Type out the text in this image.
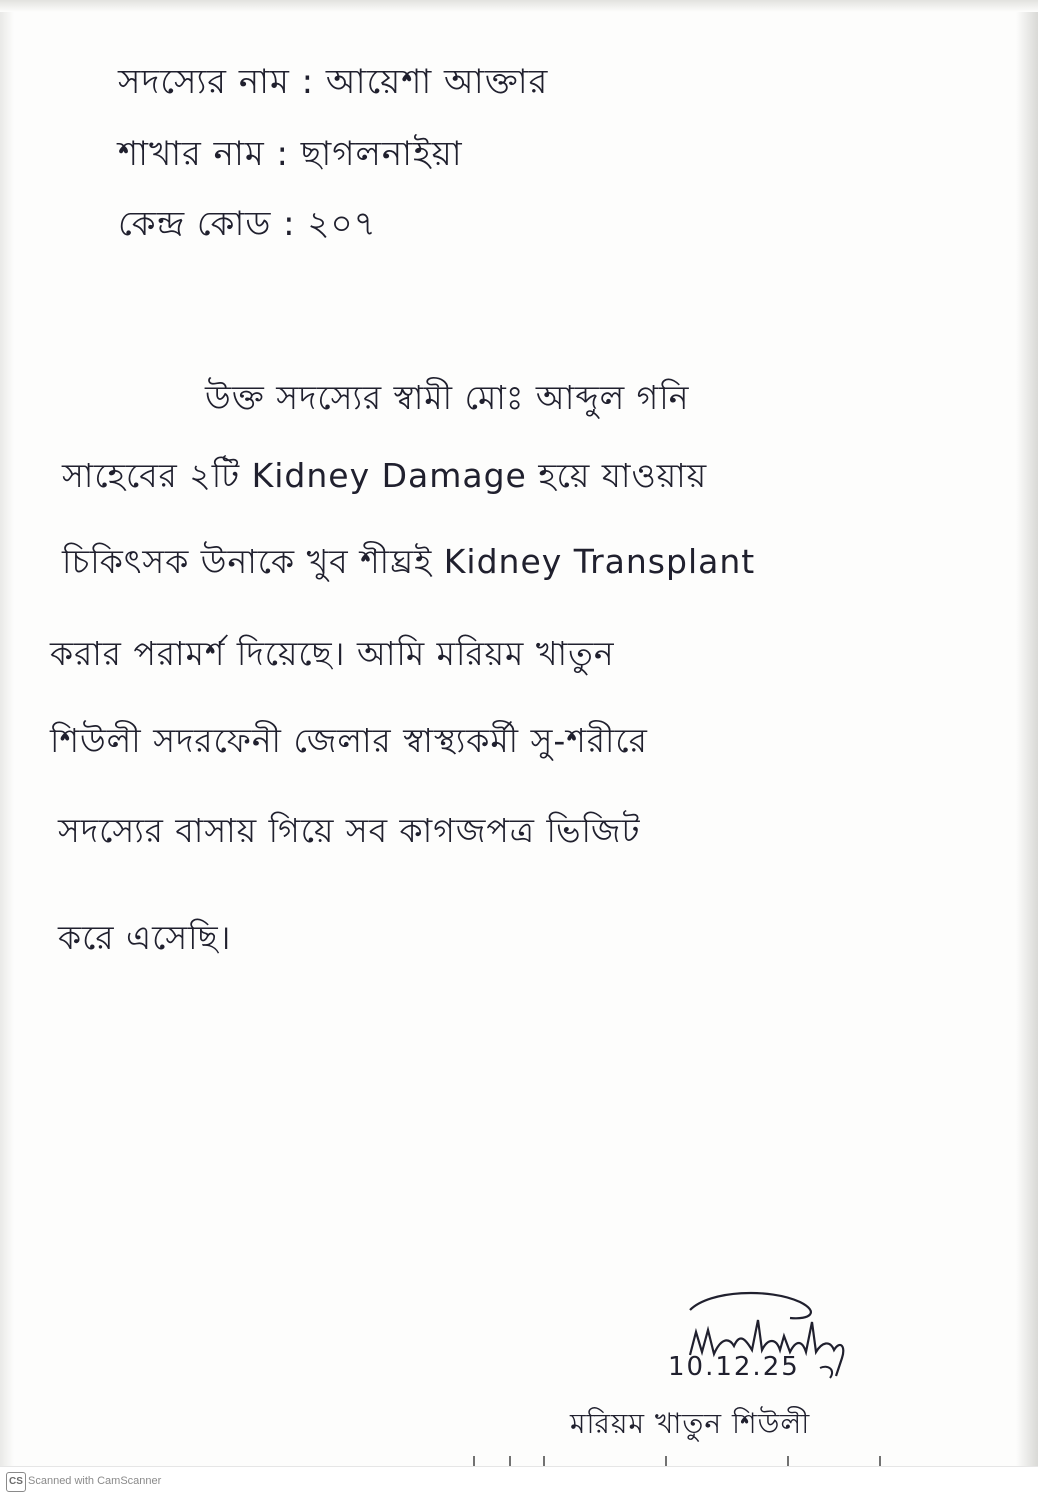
সদস্যের নাম : আয়েশা আক্তার
শাখার নাম : ছাগলনাইয়া
কেন্দ্র কোড : ২০৭
উক্ত সদস্যের স্বামী মোঃ আব্দুল গনি
সাহেবের ২টি Kidney Damage হয়ে যাওয়ায়
চিকিৎসক উনাকে খুব শীঘ্রই Kidney Transplant
করার পরামর্শ দিয়েছে। আমি মরিয়ম খাতুন
শিউলী সদরফেনী জেলার স্বাস্থ্যকর্মী সু-শরীরে
সদস্যের বাসায় গিয়ে সব কাগজপত্র ভিজিট
করে এসেছি।
10.12.25
মরিয়ম খাতুন শিউলী
CS Scanned with CamScanner
